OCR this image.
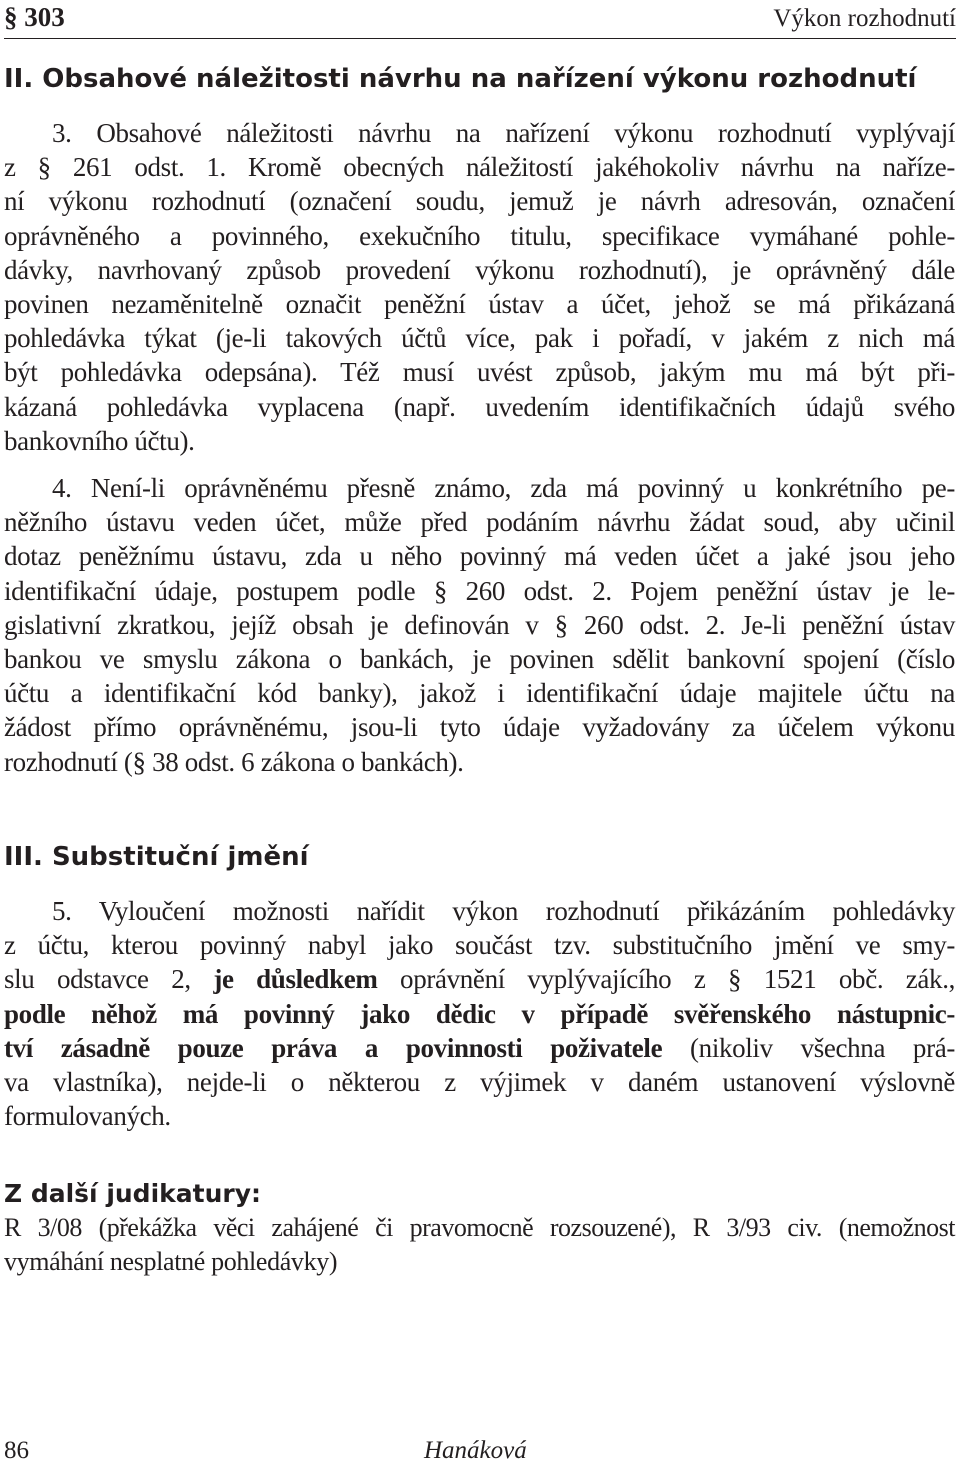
§ 303	Výkon rozhodnutí
II. Obsahové náležitosti návrhu na nařízení výkonu rozhodnutí
3. Obsahové náležitosti návrhu na nařízení výkonu rozhodnutí vyplývají
z § 261 odst. 1. Kromě obecných náležitostí jakéhokoliv návrhu na naříze-
ní výkonu rozhodnutí (označení soudu, jemuž je návrh adresován, označení
oprávněného a povinného, exekučního titulu, specifikace vymáhané pohle-
dávky, navrhovaný způsob provedení výkonu rozhodnutí), je oprávněný dále
povinen nezaměnitelně označit peněžní ústav a účet, jehož se má přikázaná
pohledávka týkat (je-li takových účtů více, pak i pořadí, v jakém z nich má
být pohledávka odepsána). Též musí uvést způsob, jakým mu má být při-
kázaná pohledávka vyplacena (např. uvedením identifikačních údajů svého
bankovního účtu).
4. Není-li oprávněnému přesně známo, zda má povinný u konkrétního pe-
něžního ústavu veden účet, může před podáním návrhu žádat soud, aby učinil
dotaz peněžnímu ústavu, zda u něho povinný má veden účet a jaké jsou jeho
identifikační údaje, postupem podle § 260 odst. 2. Pojem peněžní ústav je le-
gislativní zkratkou, jejíž obsah je definován v § 260 odst. 2. Je-li peněžní ústav
bankou ve smyslu zákona o bankách, je povinen sdělit bankovní spojení (číslo
účtu a identifikační kód banky), jakož i identifikační údaje majitele účtu na
žádost přímo oprávněnému, jsou-li tyto údaje vyžadovány za účelem výkonu
rozhodnutí (§ 38 odst. 6 zákona o bankách).
III. Substituční jmění
5. Vyloučení možnosti nařídit výkon rozhodnutí přikázáním pohledávky
z účtu, kterou povinný nabyl jako součást tzv. substitučního jmění ve smy-
slu odstavce 2, je důsledkem oprávnění vyplývajícího z § 1521 obč. zák.,
podle něhož má povinný jako dědic v případě svěřenského nástupnic-
tví zásadně pouze práva a povinnosti poživatele (nikoliv všechna prá-
va vlastníka), nejde-li o některou z výjimek v daném ustanovení výslovně
formulovaných.
Z další judikatury:
R 3/08 (překážka věci zahájené či pravomocně rozsouzené), R 3/93 civ. (nemožnost
vymáhání nesplatné pohledávky)
86	Hanáková
